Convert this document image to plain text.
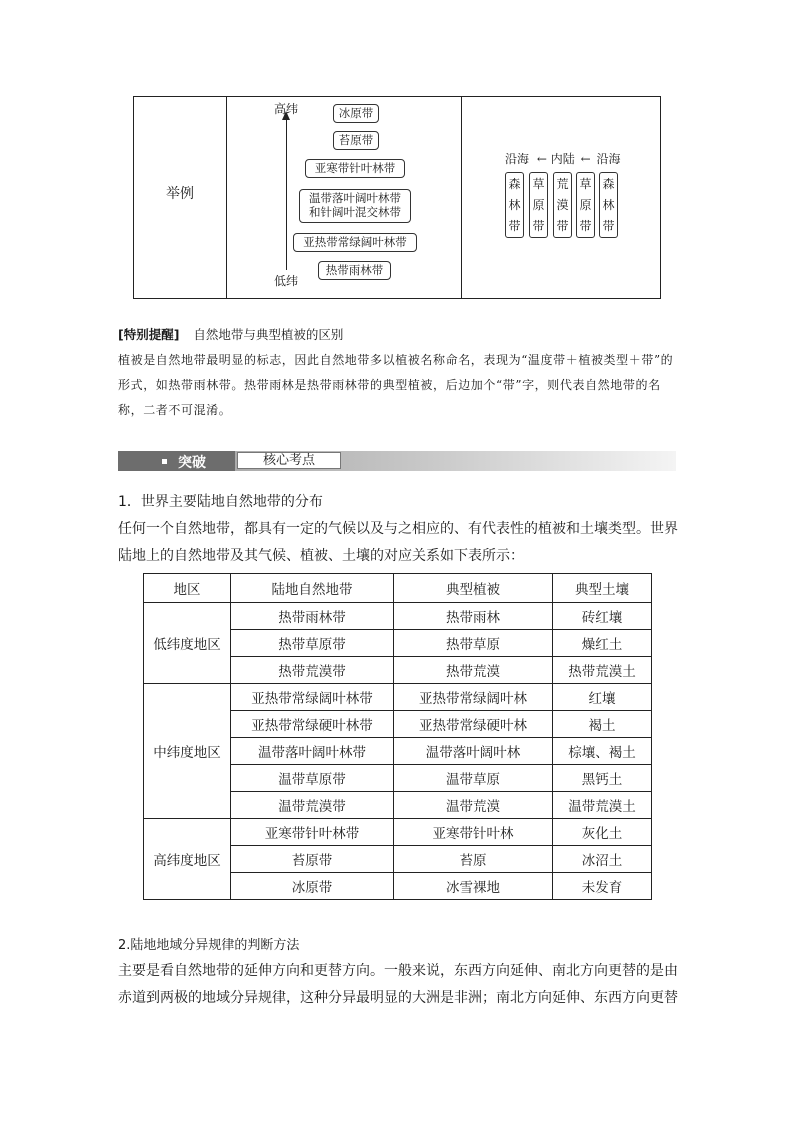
举例
高纬
低纬
冰原带
苔原带
亚寒带针叶林带
温带落叶阔叶林带
和针阔叶混交林带
亚热带常绿阔叶林带
热带雨林带
沿海 ← 内陆 ← 沿海
森
林
带
草
原
带
荒
漠
带
草
原
带
森
林
带
[特别提醒] 自然地带与典型植被的区别
植被是自然地带最明显的标志，因此自然地带多以植被名称命名，表现为“温度带＋植被类型＋带”的形式，如热带雨林带。热带雨林是热带雨林带的典型植被，后边加个“带”字，则代表自然地带的名称，二者不可混淆。
突破	核心考点
1．世界主要陆地自然地带的分布
任何一个自然地带，都具有一定的气候以及与之相应的、有代表性的植被和土壤类型。世界陆地上的自然地带及其气候、植被、土壤的对应关系如下表所示：
地区	陆地自然地带	典型植被	典型土壤
低纬度地区	热带雨林带	热带雨林	砖红壤
	热带草原带	热带草原	燥红土
	热带荒漠带	热带荒漠	热带荒漠土
中纬度地区	亚热带常绿阔叶林带	亚热带常绿阔叶林	红壤
	亚热带常绿硬叶林带	亚热带常绿硬叶林	褐土
	温带落叶阔叶林带	温带落叶阔叶林	棕壤、褐土
	温带草原带	温带草原	黑钙土
	温带荒漠带	温带荒漠	温带荒漠土
高纬度地区	亚寒带针叶林带	亚寒带针叶林	灰化土
	苔原带	苔原	冰沼土
	冰原带	冰雪裸地	未发育
2.陆地地域分异规律的判断方法
主要是看自然地带的延伸方向和更替方向。一般来说，东西方向延伸、南北方向更替的是由赤道到两极的地域分异规律，这种分异最明显的大洲是非洲；南北方向延伸、东西方向更替
